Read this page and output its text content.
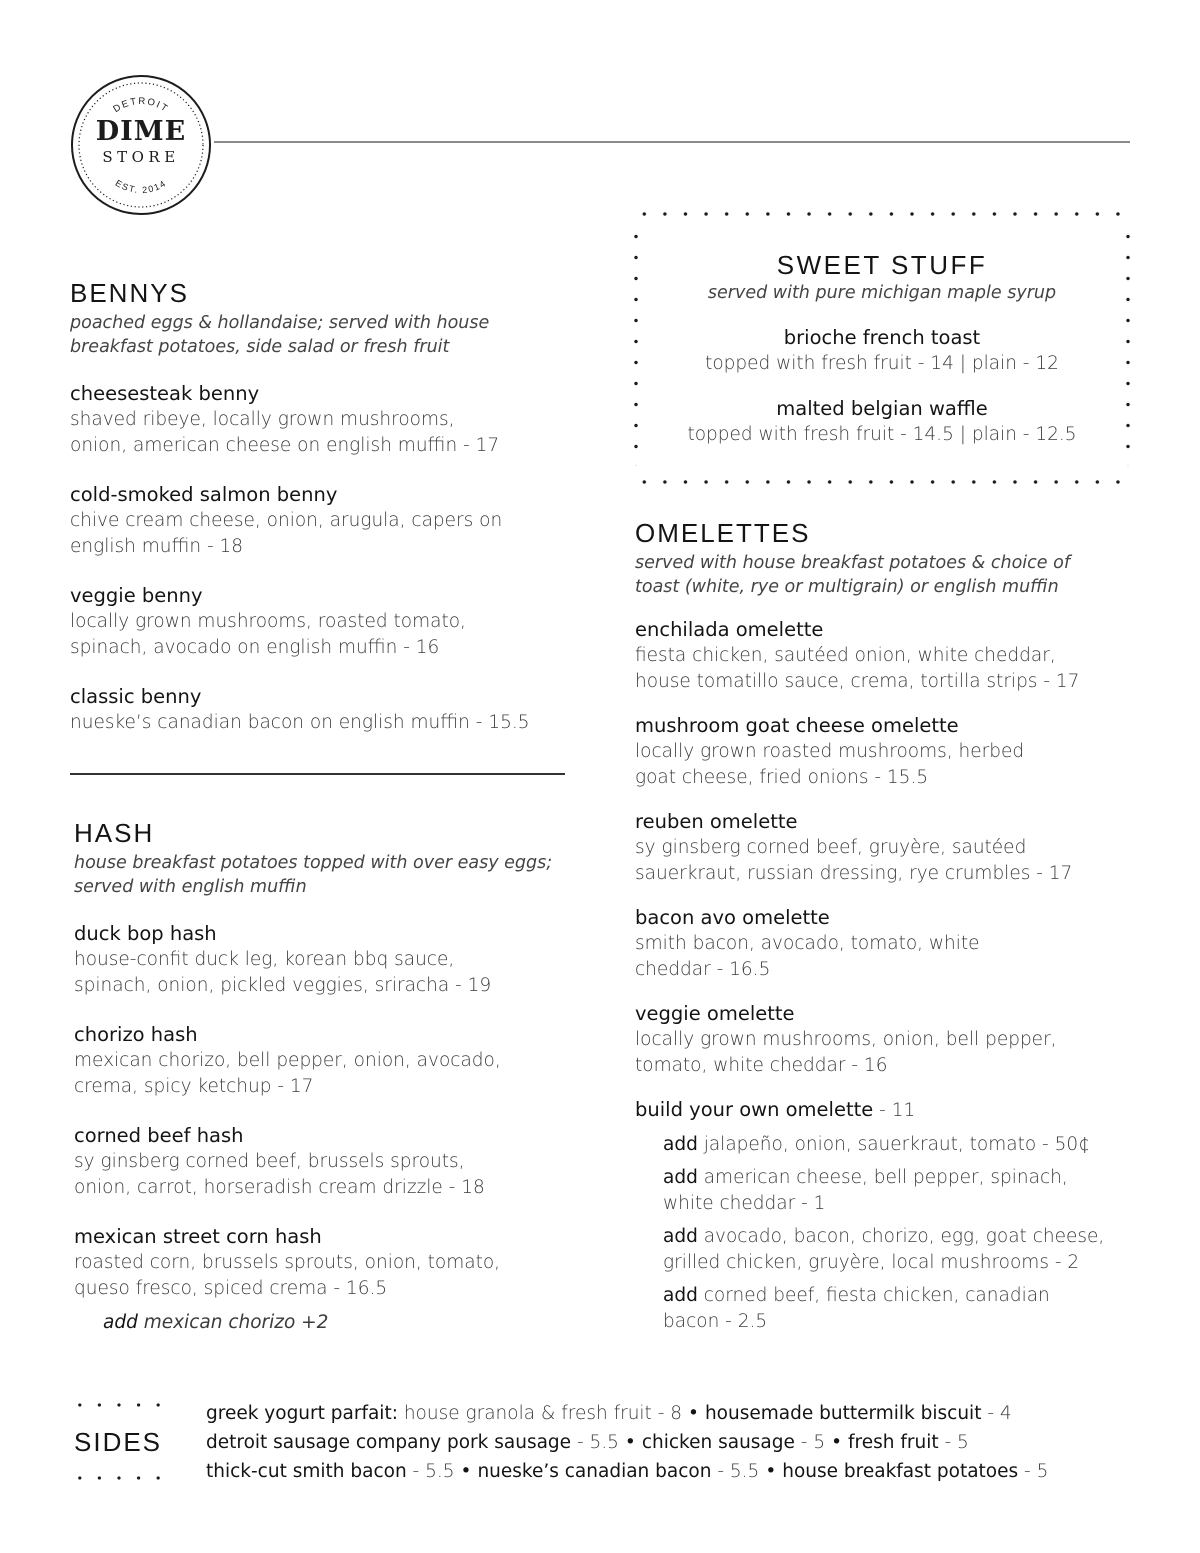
DETROIT
DIME
STORE
EST. 2014
BENNYS
poached eggs & hollandaise; served with house breakfast potatoes, side salad or fresh fruit
cheesesteak benny
shaved ribeye, locally grown mushrooms,
onion, american cheese on english muffin - 17
cold-smoked salmon benny
chive cream cheese, onion, arugula, capers on
english muffin - 18
veggie benny
locally grown mushrooms, roasted tomato,
spinach, avocado on english muffin - 16
classic benny
nueske’s canadian bacon on english muffin - 15.5
HASH
house breakfast potatoes topped with over easy eggs; served with english muffin
duck bop hash
house-confit duck leg, korean bbq sauce,
spinach, onion, pickled veggies, sriracha - 19
chorizo hash
mexican chorizo, bell pepper, onion, avocado,
crema, spicy ketchup - 17
corned beef hash
sy ginsberg corned beef, brussels sprouts,
onion, carrot, horseradish cream drizzle - 18
mexican street corn hash
roasted corn, brussels sprouts, onion, tomato,
queso fresco, spiced crema - 16.5
add mexican chorizo +2
SWEET STUFF
served with pure michigan maple syrup
brioche french toast
topped with fresh fruit - 14 | plain - 12
malted belgian waffle
topped with fresh fruit - 14.5 | plain - 12.5
OMELETTES
served with house breakfast potatoes & choice of
toast (white, rye or multigrain) or english muffin
enchilada omelette
fiesta chicken, sautéed onion, white cheddar,
house tomatillo sauce, crema, tortilla strips - 17
mushroom goat cheese omelette
locally grown roasted mushrooms, herbed
goat cheese, fried onions - 15.5
reuben omelette
sy ginsberg corned beef, gruyère, sautéed
sauerkraut, russian dressing, rye crumbles - 17
bacon avo omelette
smith bacon, avocado, tomato, white
cheddar - 16.5
veggie omelette
locally grown mushrooms, onion, bell pepper,
tomato, white cheddar - 16
build your own omelette - 11
add jalapeño, onion, sauerkraut, tomato - 50¢
add american cheese, bell pepper, spinach,
white cheddar - 1
add avocado, bacon, chorizo, egg, goat cheese,
grilled chicken, gruyère, local mushrooms - 2
add corned beef, fiesta chicken, canadian
bacon - 2.5
SIDES
greek yogurt parfait: house granola & fresh fruit - 8 • housemade buttermilk biscuit - 4
detroit sausage company pork sausage - 5.5 • chicken sausage - 5 • fresh fruit - 5
thick-cut smith bacon - 5.5 • nueske’s canadian bacon - 5.5 • house breakfast potatoes - 5
